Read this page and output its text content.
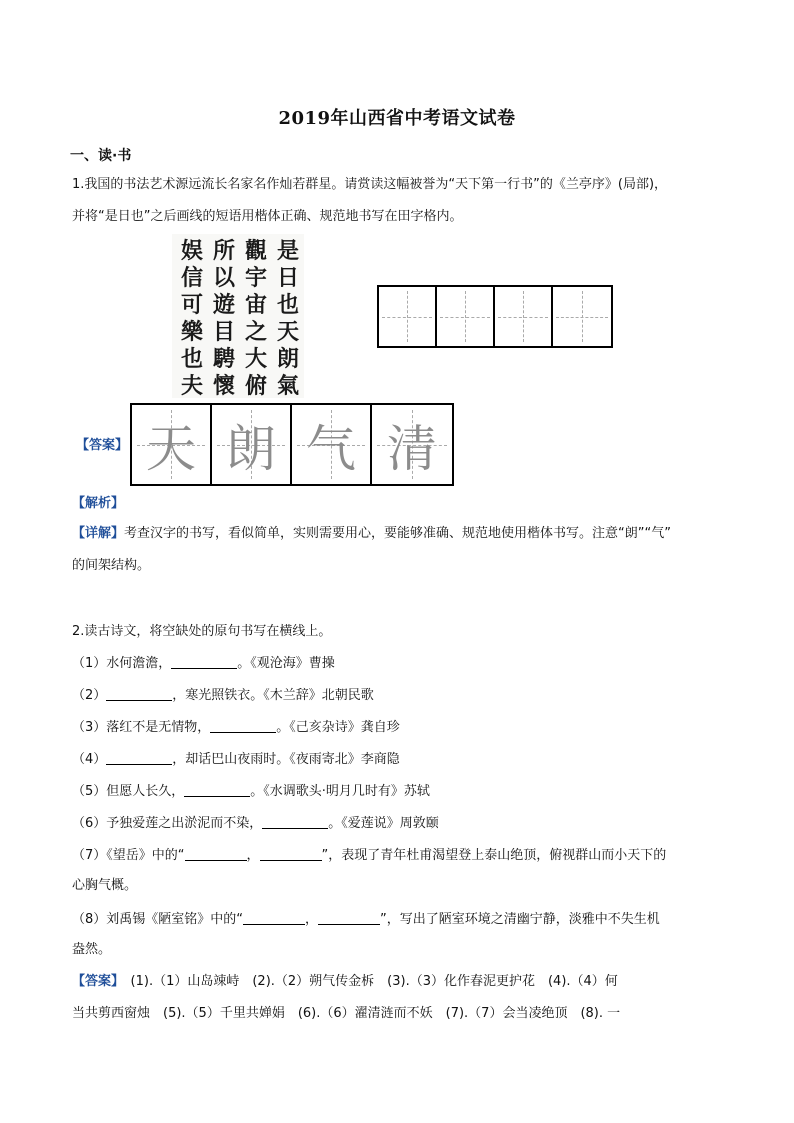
2019年山西省中考语文试卷
一、读·书
1.我国的书法艺术源远流长名家名作灿若群星。请赏读这幅被誉为“天下第一行书”的《兰亭序》(局部)，
并将“是日也”之后画线的短语用楷体正确、规范地书写在田字格内。
是日也天朗氣
觀宇宙之大俯
所以遊目騁懷
娱信可樂也夫
【答案】 天 朗 气 清
【解析】
【详解】考查汉字的书写，看似简单，实则需要用心，要能够准确、规范地使用楷体书写。注意“朗”“气”
的间架结构。
2.读古诗文，将空缺处的原句书写在横线上。
（1）水何澹澹，	。《观沧海》曹操
（2）	，寒光照铁衣。《木兰辞》北朝民歌
（3）落红不是无情物，	。《己亥杂诗》龚自珍
（4）	，却话巴山夜雨时。《夜雨寄北》李商隐
（5）但愿人长久，	。《水调歌头·明月几时有》苏轼
（6）予独爱莲之出淤泥而不染，	。《爱莲说》周敦颐
（7）《望岳》中的“	，	”，表现了青年杜甫渴望登上泰山绝顶，俯视群山而小天下的
心胸气概。
（8）刘禹锡《陋室铭》中的“	，	”，写出了陋室环境之清幽宁静，淡雅中不失生机
盎然。
【答案】　 (1).（1）山岛竦峙　(2).（2）朔气传金柝　(3).（3）化作春泥更护花　(4).（4）何
当共剪西窗烛　(5).（5）千里共婵娟　(6).（6）濯清涟而不妖　(7).（7）会当凌绝顶　(8). 一
